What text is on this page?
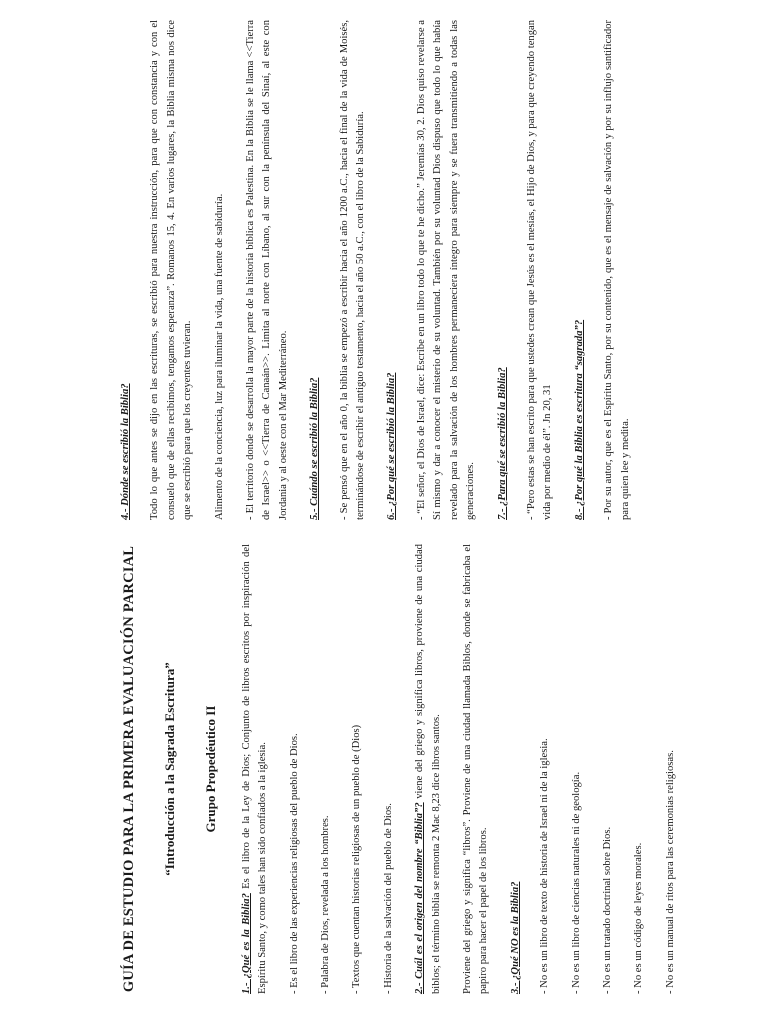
GUÍA DE ESTUDIO PARA LA PRIMERA EVALUACIÓN PARCIAL “Introducción a la Sagrada Escritura” Grupo Propedéutico II

1.- ¿Qué es la Biblia? Es el libro de la Ley de Dios; Conjunto de libros escritos por inspiración del Espíritu Santo, y como tales han sido confiados a la iglesia.	- Es el libro de las experiencias religiosas del pueblo de Dios.	- Palabra de Dios, revelada a los hombres.	- Textos que cuentan historias religiosas de un pueblo de (Dios)	- Historia de la salvación del pueblo de Dios.	2.- Cuál es el origen del nombre “Biblia”? viene del griego y significa libros, proviene de una ciudad biblos; el término biblia se remonta 2 Mac 8,23 dice libros santos.	Proviene del griego y significa “libros”. Proviene de una ciudad llamada Biblos, donde se fabricaba el papiro para hacer el papel de los libros.	3.- ¿Qué NO es la Biblia?	- No es un libro de texto de historia de Israel ni de la iglesia.	- No es un libro de ciencias naturales ni de geología.	- No es un tratado doctrinal sobre Dios.	- No es un código de leyes morales.	- No es un manual de ritos para las ceremonias religiosas.

4.- Dónde se escribió la Biblia?	Todo lo que antes se dijo en las escrituras, se escribió para nuestra instrucción, para que con constancia y con el consuelo que de ellas recibimos, tengamos esperanza”. Romanos 15, 4. En varios lugares, la Biblia misma nos dice que se escribió para que los creyentes tuvieran.	Alimento de la conciencia, luz para iluminar la vida, una fuente de sabiduría.	- El territorio donde se desarrolla la mayor parte de la historia bíblica es Palestina. En la Biblia se le llama <<Tierra de Israel>> o <<Tierra de Canaán>>. Limita al norte con Líbano, al sur con la península del Sinaí, al este con Jordania y al oeste con el Mar Mediterráneo.	5.- Cuándo se escribió la Biblia?	- Se pensó que en el año 0, la biblia se empezó a escribir hacia el año 1200 a.C., hacia el final de la vida de Moisés, terminándose de escribir el antiguo testamento, hacia el año 50 a.C., con el libro de la Sabiduría.	6.- ¿Por qué se escribió la Biblia?	- “El señor, el Dios de Israel, dice: Escribe en un libro todo lo que te he dicho.” Jeremías 30, 2. Dios quiso revelarse a Sí mismo y dar a conocer el misterio de su voluntad. También por su voluntad Dios dispuso que todo lo que había revelado para la salvación de los hombres permaneciera íntegro para siempre y se fuera transmitiendo a todas las generaciones.	7.- ¿Para qué se escribió la Biblia?	- “Pero estas se han escrito para que ustedes crean que Jesús es el mesías, el Hijo de Dios, y para que creyendo tengan vida por medio de él”. Jn 20, 31	8.- ¿Por qué la Biblia es escritura “sagrada”?	- Por su autor, que es el Espíritu Santo, por su contenido, que es el mensaje de salvación y por su influjo santificador para quien lee y medita.
